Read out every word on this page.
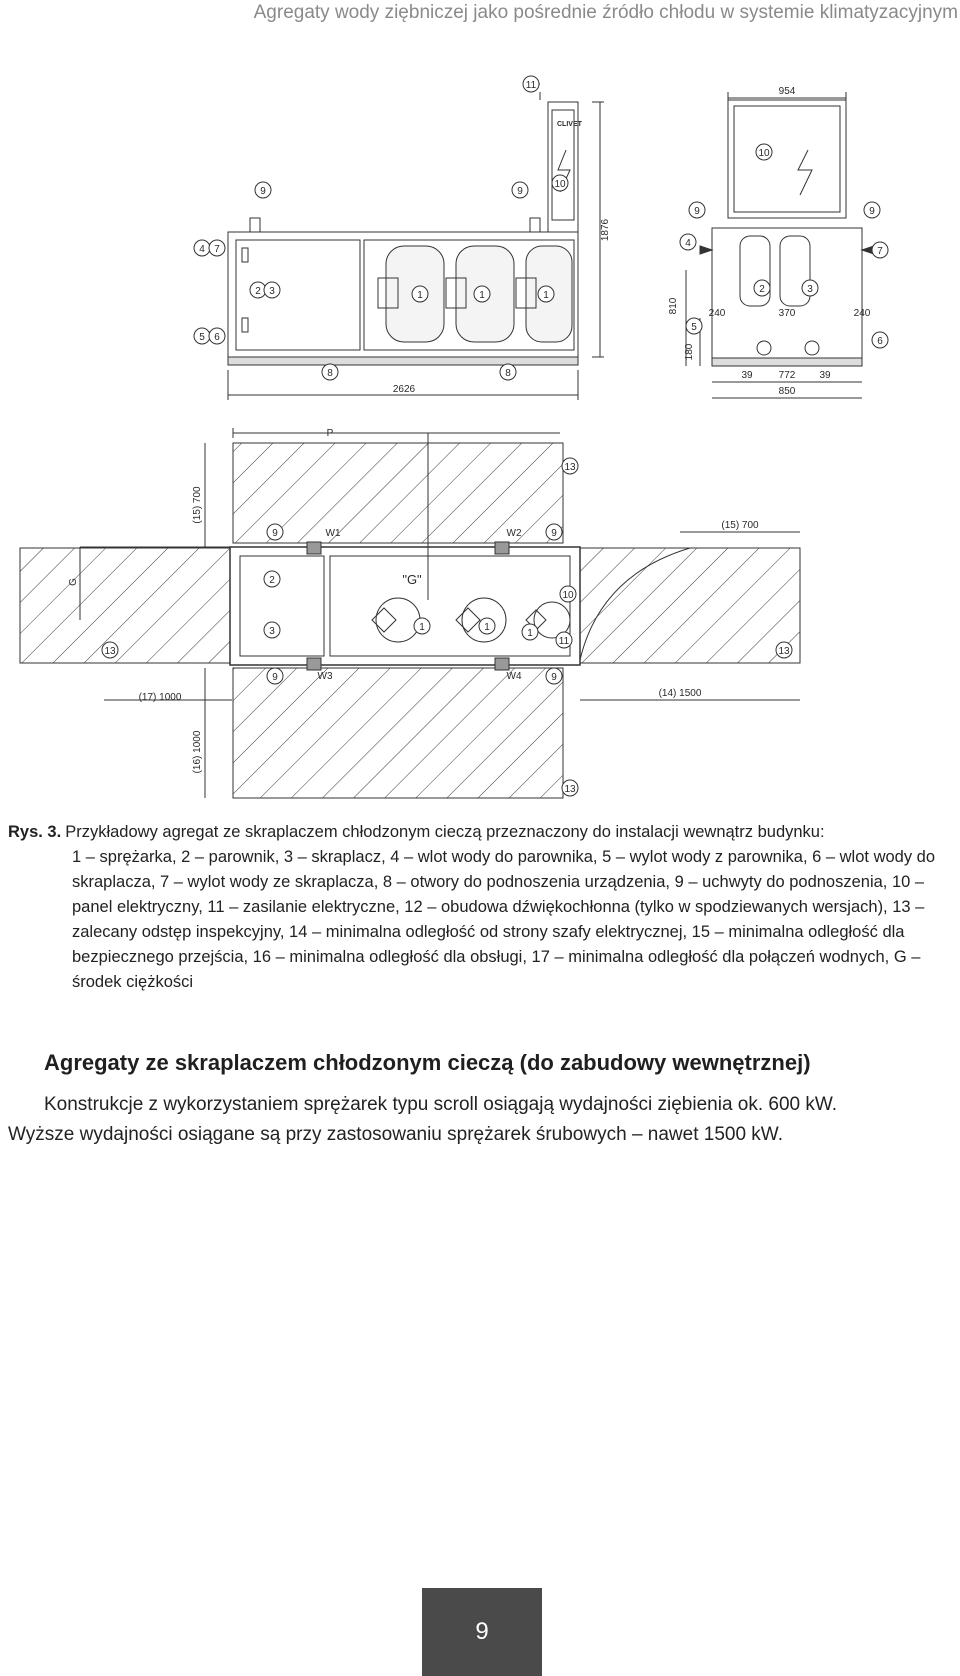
Agregaty wody ziębniczej jako pośrednie źródło chłodu w systemie klimatyzacyjnym
CLIVET
11
9	9
10
4 7
2 3	1	1	1
5 6
8	8
2626
1876
10
9	9
4
7
2	3
5
6
954
240	370	240
39	772 39
850
810
180
P
G
(15) 700
(15) 700
(17) 1000	(14) 1500
(16) 1000
"G"
W1	W2
W3	W4
13
9	9
2
10
3	1	1
1
11
13	13
9	9
13
Rys. 3. Przykładowy agregat ze skraplaczem chłodzonym cieczą przeznaczony do instalacji wewnątrz budynku:
1 – sprężarka, 2 – parownik, 3 – skraplacz, 4 – wlot wody do parownika, 5 – wylot wody z parownika, 6 – wlot wody do skraplacza, 7 – wylot wody ze skraplacza, 8 – otwory do podnoszenia urządzenia, 9 – uchwyty do podnoszenia, 10 – panel elektryczny, 11 – zasilanie elektryczne, 12 – obudowa dźwiękochłonna (tylko w spodziewanych wersjach), 13 – zalecany odstęp inspekcyjny, 14 – minimalna odległość od strony szafy elektrycznej, 15 – minimalna odległość dla bezpiecznego przejścia, 16 – minimalna odległość dla obsługi, 17 – minimalna odległość dla połączeń wodnych, G – środek ciężkości
Agregaty ze skraplaczem chłodzonym cieczą (do zabudowy wewnętrznej)
Konstrukcje z wykorzystaniem sprężarek typu scroll osiągają wydajności ziębienia ok. 600 kW.
Wyższe wydajności osiągane są przy zastosowaniu sprężarek śrubowych – nawet 1500 kW.
9
